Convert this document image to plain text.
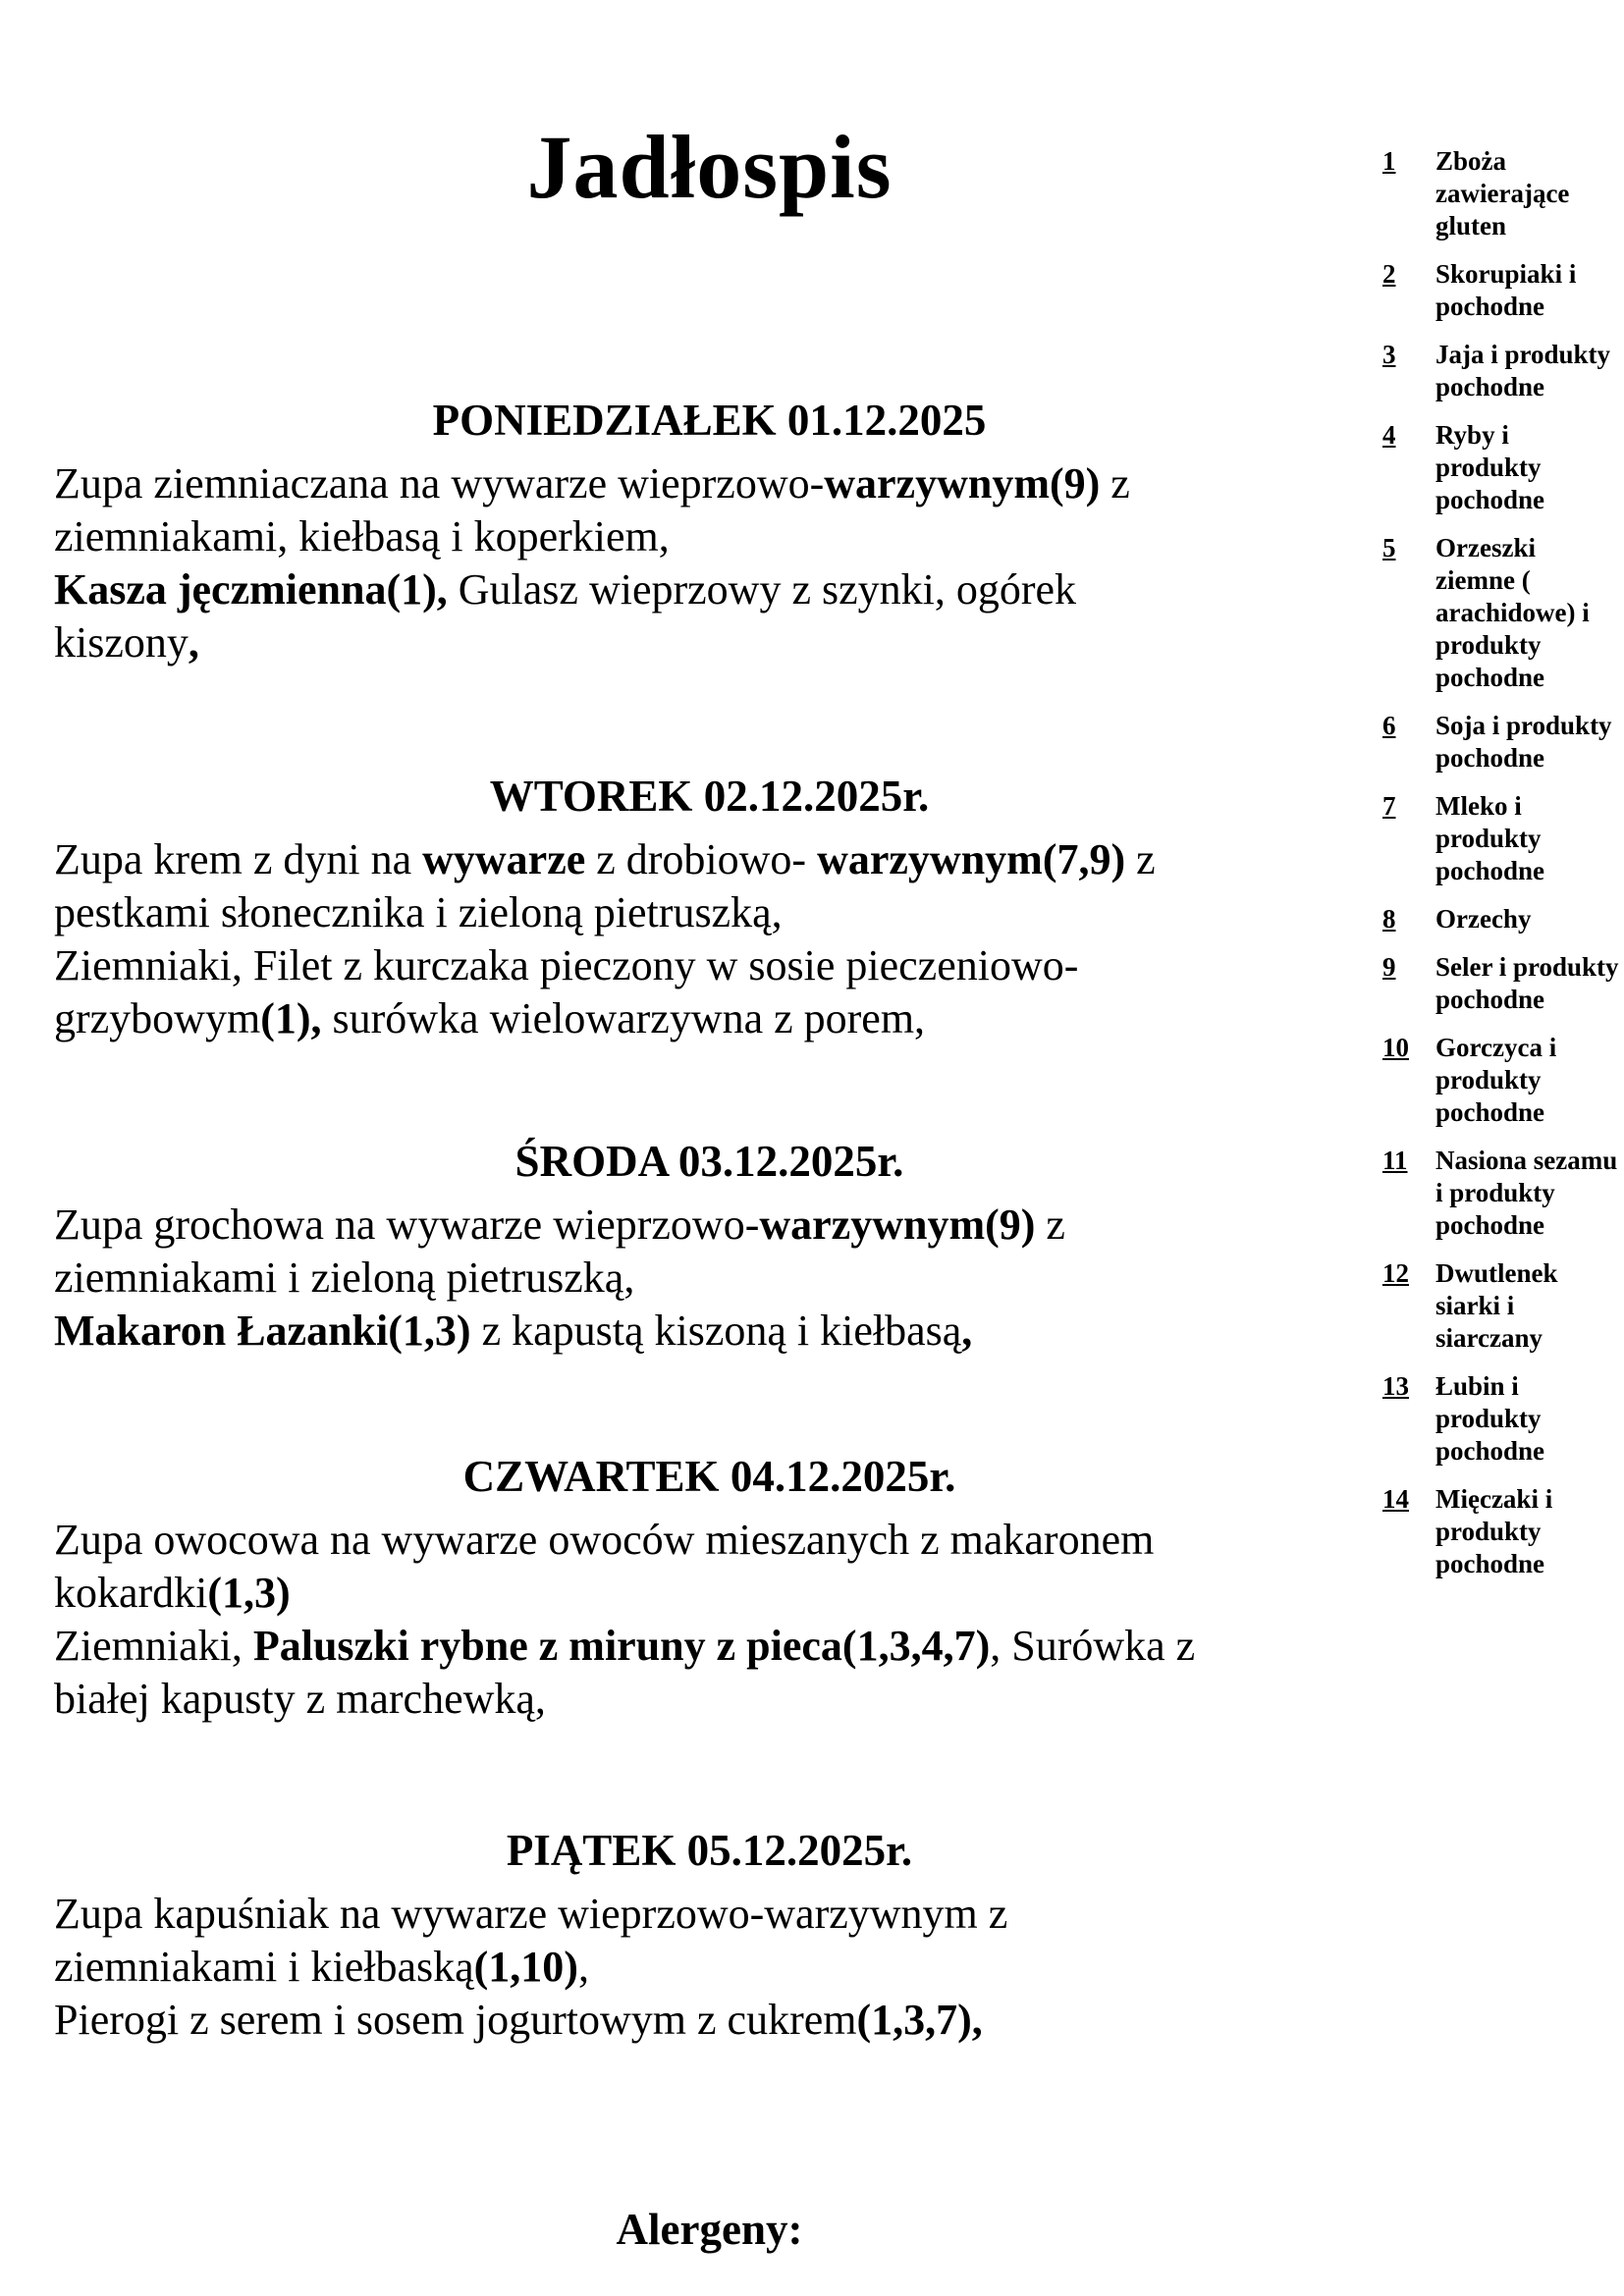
Jadłospis
PONIEDZIAŁEK 01.12.2025
Zupa ziemniaczana na wywarze wieprzowo-warzywnym(9) z
ziemniakami, kiełbasą i koperkiem,
Kasza jęczmienna(1), Gulasz wieprzowy z szynki, ogórek
kiszony,
WTOREK 02.12.2025r.
Zupa krem z dyni na wywarze z drobiowo- warzywnym(7,9) z
pestkami słonecznika i zieloną pietruszką,
Ziemniaki, Filet z kurczaka pieczony w sosie pieczeniowo-
grzybowym(1), surówka wielowarzywna z porem,
ŚRODA 03.12.2025r.
Zupa grochowa na wywarze wieprzowo-warzywnym(9) z
ziemniakami i zieloną pietruszką,
Makaron Łazanki(1,3) z kapustą kiszoną i kiełbasą,
CZWARTEK 04.12.2025r.
Zupa owocowa na wywarze owoców mieszanych z makaronem
kokardki(1,3)
Ziemniaki, Paluszki rybne z miruny z pieca(1,3,4,7), Surówka z
białej kapusty z marchewką,
PIĄTEK 05.12.2025r.
Zupa kapuśniak na wywarze wieprzowo-warzywnym z
ziemniakami i kiełbaską(1,10),
Pierogi z serem i sosem jogurtowym z cukrem(1,3,7),
Alergeny:
1	Zboża zawierające gluten
2	Skorupiaki i pochodne
3	Jaja i produkty pochodne
4	Ryby i produkty pochodne
5	Orzeszki ziemne ( arachidowe) i produkty pochodne
6	Soja i produkty pochodne
7	Mleko i produkty pochodne
8	Orzechy
9	Seler i produkty pochodne
10	Gorczyca i produkty pochodne
11	Nasiona sezamu i produkty pochodne
12	Dwutlenek siarki i siarczany
13	Łubin i produkty pochodne
14	Mięczaki i produkty pochodne
